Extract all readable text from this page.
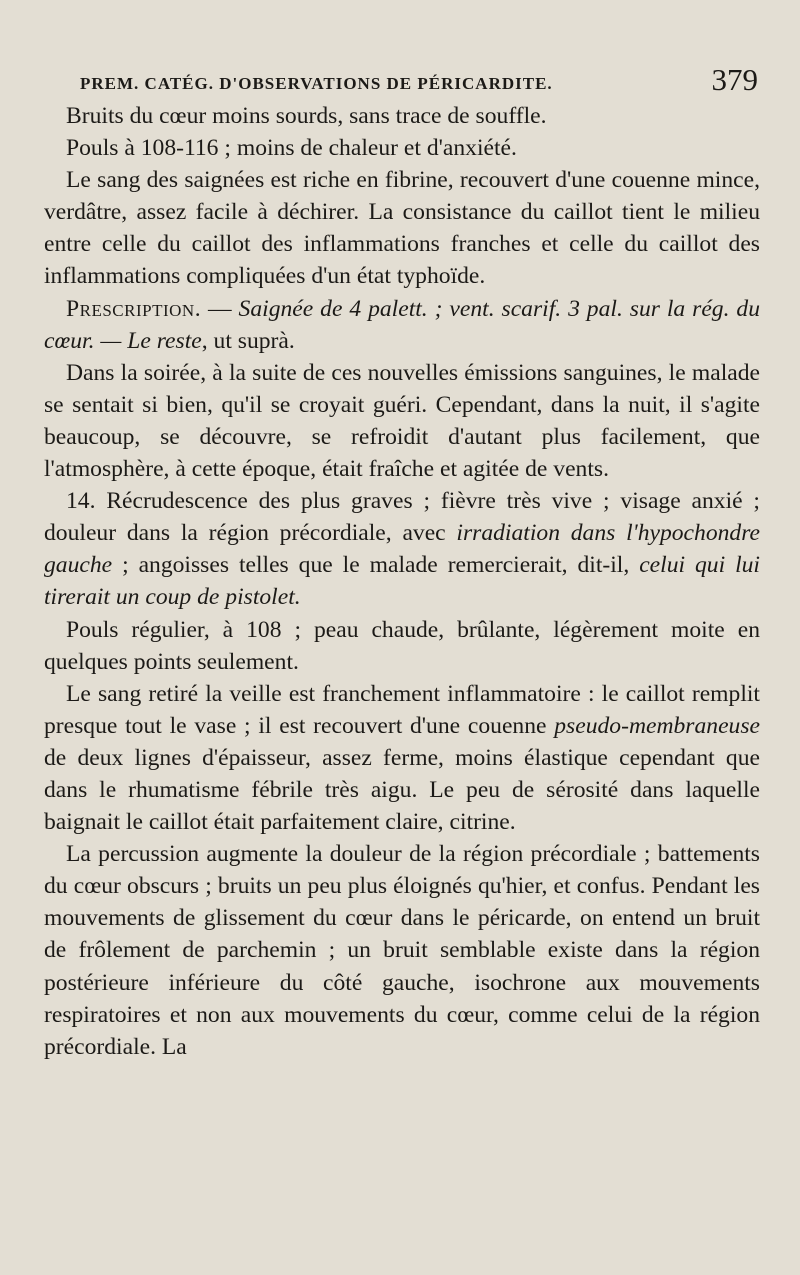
PREM. CATÉG. D'OBSERVATIONS DE PÉRICARDITE.	379

Bruits du cœur moins sourds, sans trace de souffle.

Pouls à 108-116 ; moins de chaleur et d'anxiété.

Le sang des saignées est riche en fibrine, recouvert d'une couenne mince, verdâtre, assez facile à déchirer. La consistance du caillot tient le milieu entre celle du caillot des inflammations franches et celle du caillot des inflammations compliquées d'un état typhoïde.

Prescription. — Saignée de 4 palett. ; vent. scarif. 3 pal. sur la rég. du cœur. — Le reste, ut suprà.

Dans la soirée, à la suite de ces nouvelles émissions sanguines, le malade se sentait si bien, qu'il se croyait guéri. Cependant, dans la nuit, il s'agite beaucoup, se découvre, se refroidit d'autant plus facilement, que l'atmosphère, à cette époque, était fraîche et agitée de vents.

14. Récrudescence des plus graves ; fièvre très vive ; visage anxié ; douleur dans la région précordiale, avec irradiation dans l'hypochondre gauche ; angoisses telles que le malade remercierait, dit-il, celui qui lui tirerait un coup de pistolet.

Pouls régulier, à 108 ; peau chaude, brûlante, légèrement moite en quelques points seulement.

Le sang retiré la veille est franchement inflammatoire : le caillot remplit presque tout le vase ; il est recouvert d'une couenne pseudo-membraneuse de deux lignes d'épaisseur, assez ferme, moins élastique cependant que dans le rhumatisme fébrile très aigu. Le peu de sérosité dans laquelle baignait le caillot était parfaitement claire, citrine.

La percussion augmente la douleur de la région précordiale ; battements du cœur obscurs ; bruits un peu plus éloignés qu'hier, et confus. Pendant les mouvements de glissement du cœur dans le péricarde, on entend un bruit de frôlement de parchemin ; un bruit semblable existe dans la région postérieure inférieure du côté gauche, isochrone aux mouvements respiratoires et non aux mouvements du cœur, comme celui de la région précordiale. La
